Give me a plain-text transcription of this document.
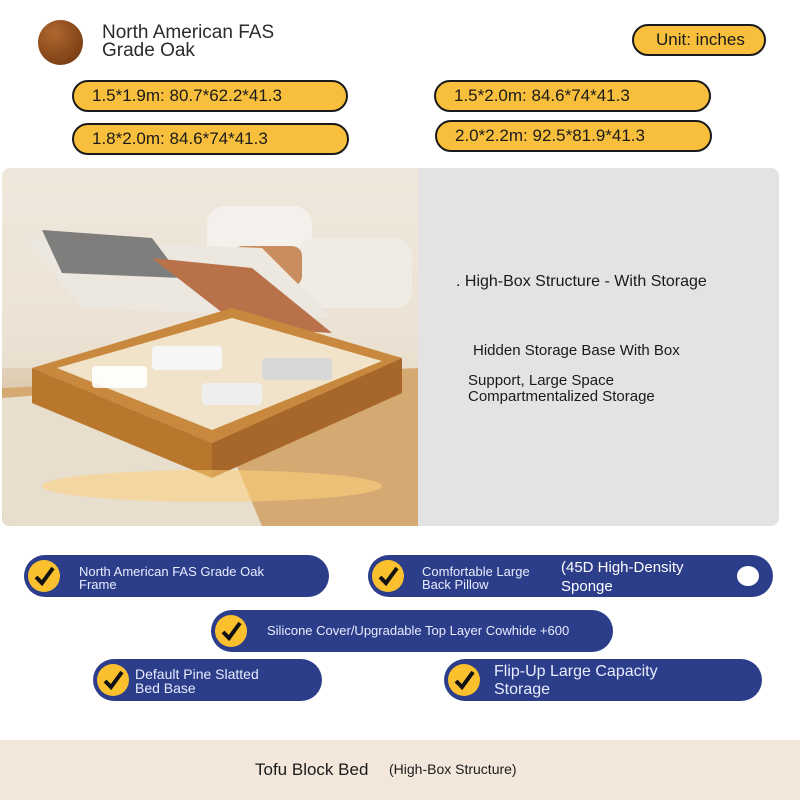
North American FAS
Grade Oak
Unit: inches
1.5*1.9m: 80.7*62.2*41.3	1.5*2.0m: 84.6*74*41.3
1.8*2.0m: 84.6*74*41.3	2.0*2.2m: 92.5*81.9*41.3
. High-Box Structure - With Storage
Hidden Storage Base With Box
Support, Large Space
Compartmentalized Storage
North American FAS Grade Oak
Frame
Comfortable Large
Back Pillow
(45D High-Density
Sponge
Silicone Cover/Upgradable Top Layer Cowhide +600
Default Pine Slatted
Bed Base
Flip-Up Large Capacity
Storage
Tofu Block Bed (High-Box Structure)
